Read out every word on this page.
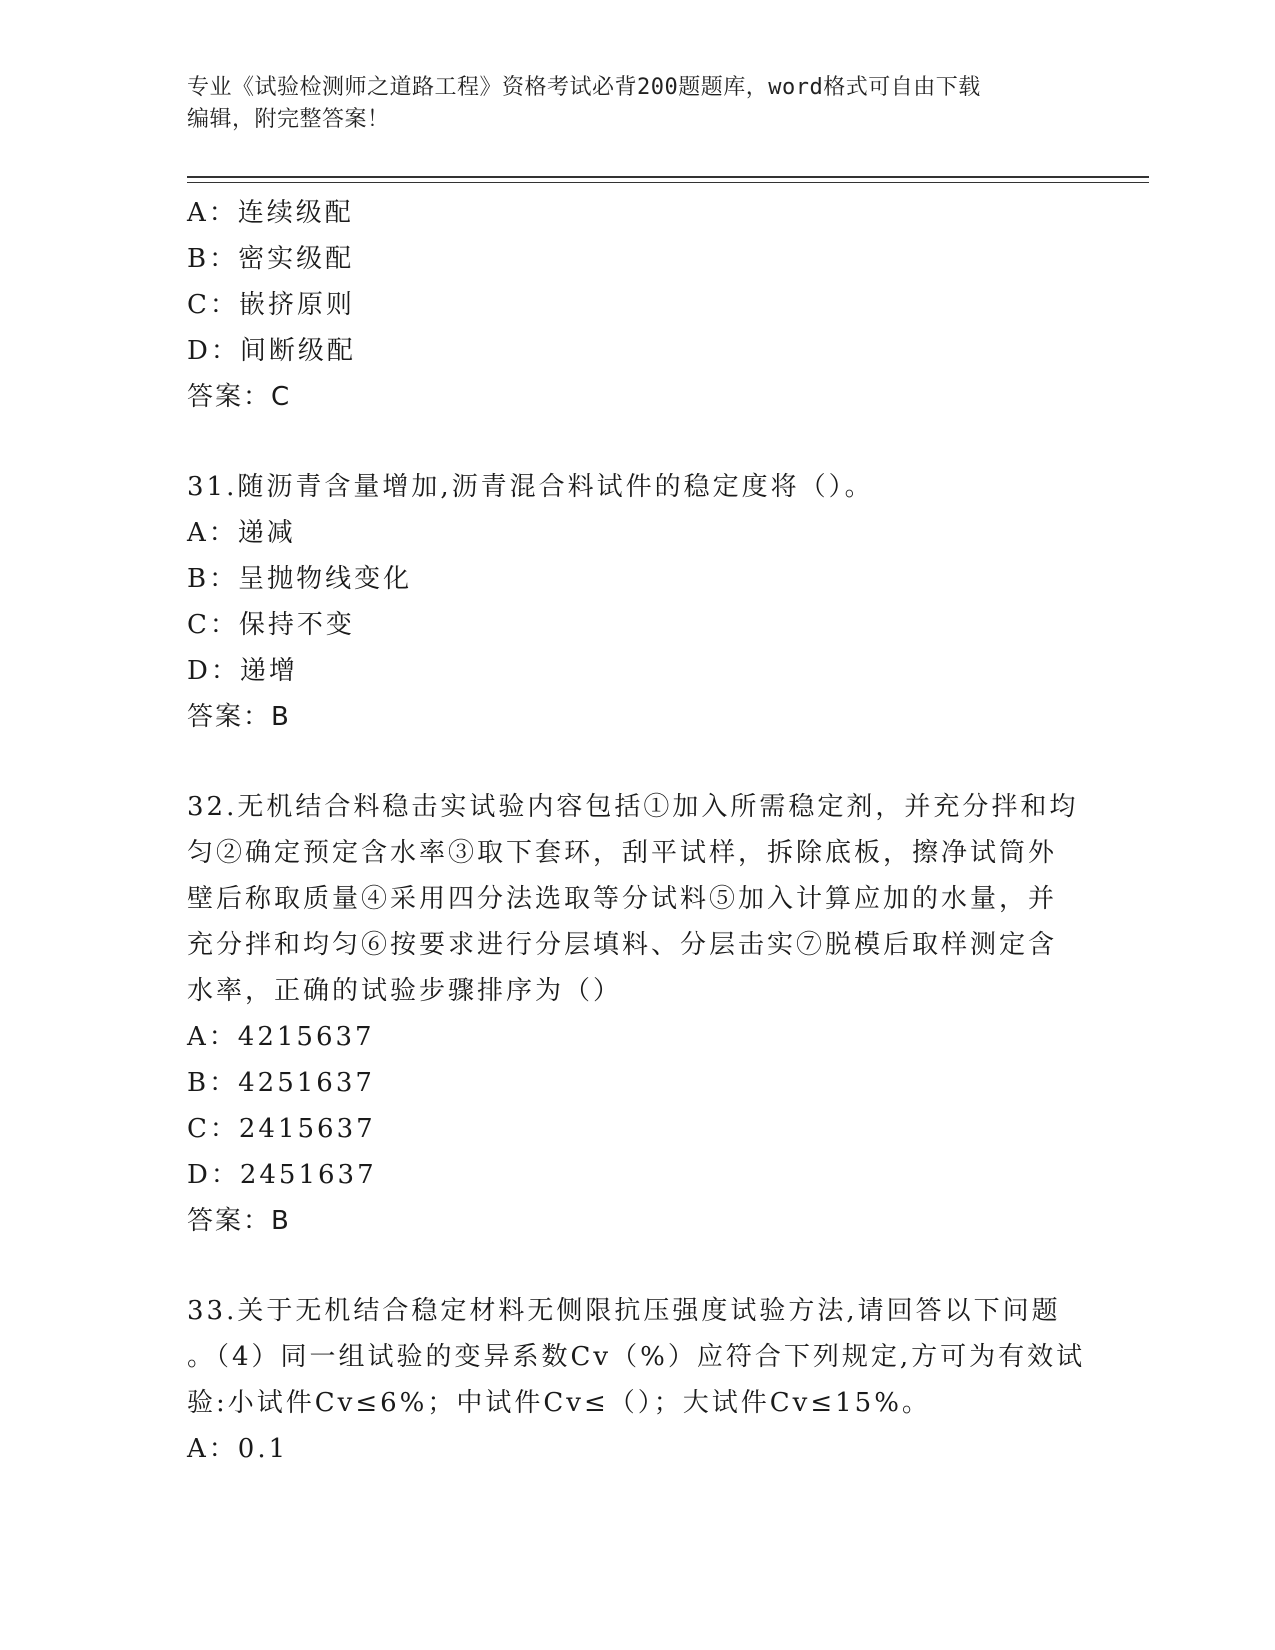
专业《试验检测师之道路工程》资格考试必背200题题库，word格式可自由下载
编辑，附完整答案！
A：连续级配
B：密实级配
C：嵌挤原则
D：间断级配
答案：C
31.随沥青含量增加,沥青混合料试件的稳定度将（）。
A：递减
B：呈抛物线变化
C：保持不变
D：递增
答案：B
32.无机结合料稳击实试验内容包括①加入所需稳定剂，并充分拌和均
匀②确定预定含水率③取下套环，刮平试样，拆除底板，擦净试筒外
壁后称取质量④采用四分法选取等分试料⑤加入计算应加的水量，并
充分拌和均匀⑥按要求进行分层填料、分层击实⑦脱模后取样测定含
水率，正确的试验步骤排序为（）
A：4215637
B：4251637
C：2415637
D：2451637
答案：B
33.关于无机结合稳定材料无侧限抗压强度试验方法,请回答以下问题
。（4）同一组试验的变异系数Cv（%）应符合下列规定,方可为有效试
验:小试件Cv≤6%；中试件Cv≤（）；大试件Cv≤15%。
A：0.1
